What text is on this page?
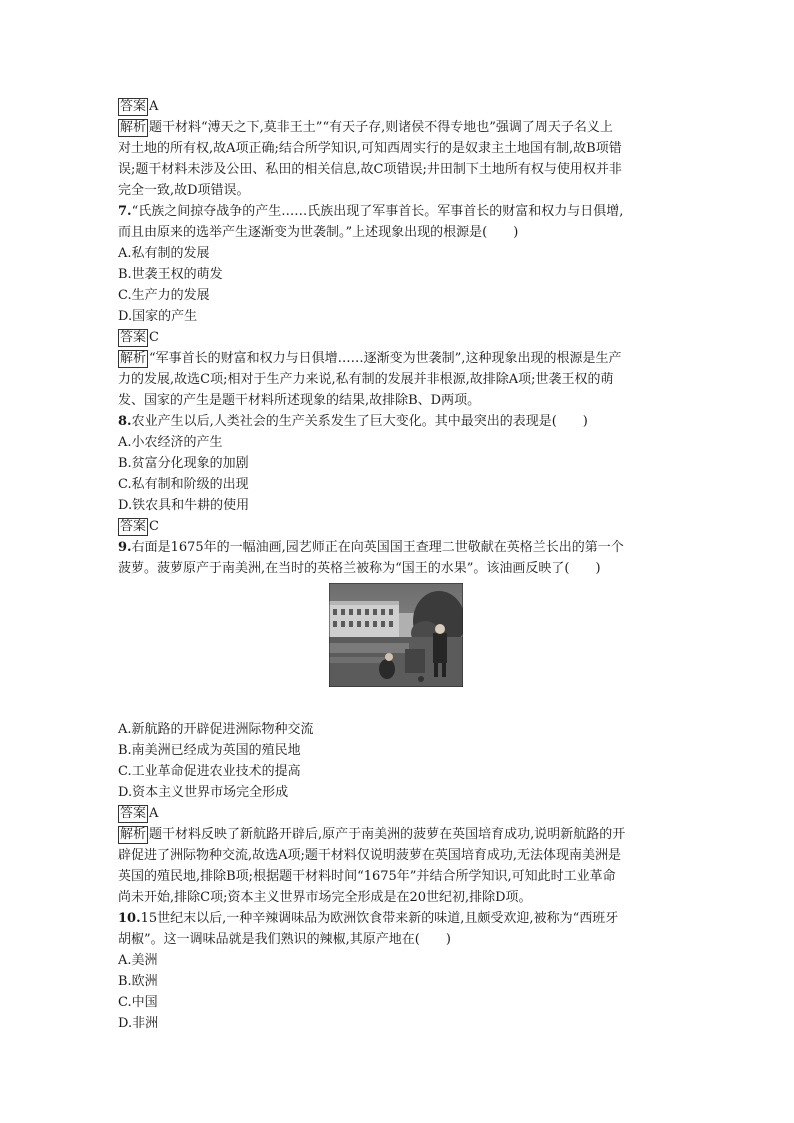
答案 A
解析 题干材料“溥天之下,莫非王土”“有天子存,则诸侯不得专地也”强调了周天子名义上
对土地的所有权,故A项正确;结合所学知识,可知西周实行的是奴隶主土地国有制,故B项错
误;题干材料未涉及公田、私田的相关信息,故C项错误;井田制下土地所有权与使用权并非
完全一致,故D项错误。
7.“氏族之间掠夺战争的产生……氏族出现了军事首长。军事首长的财富和权力与日俱增,
而且由原来的选举产生逐渐变为世袭制。”上述现象出现的根源是(　　)
A.私有制的发展
B.世袭王权的萌发
C.生产力的发展
D.国家的产生
答案 C
解析 “军事首长的财富和权力与日俱增……逐渐变为世袭制”,这种现象出现的根源是生产
力的发展,故选C项;相对于生产力来说,私有制的发展并非根源,故排除A项;世袭王权的萌
发、国家的产生是题干材料所述现象的结果,故排除B、D两项。
8.农业产生以后,人类社会的生产关系发生了巨大变化。其中最突出的表现是(　　)
A.小农经济的产生
B.贫富分化现象的加剧
C.私有制和阶级的出现
D.铁农具和牛耕的使用
答案 C
9.右面是1675年的一幅油画,园艺师正在向英国国王查理二世敬献在英格兰长出的第一个
菠萝。菠萝原产于南美洲,在当时的英格兰被称为“国王的水果”。该油画反映了(　　)
A.新航路的开辟促进洲际物种交流
B.南美洲已经成为英国的殖民地
C.工业革命促进农业技术的提高
D.资本主义世界市场完全形成
答案 A
解析 题干材料反映了新航路开辟后,原产于南美洲的菠萝在英国培育成功,说明新航路的开
辟促进了洲际物种交流,故选A项;题干材料仅说明菠萝在英国培育成功,无法体现南美洲是
英国的殖民地,排除B项;根据题干材料时间“1675年”并结合所学知识,可知此时工业革命
尚未开始,排除C项;资本主义世界市场完全形成是在20世纪初,排除D项。
10.15世纪末以后,一种辛辣调味品为欧洲饮食带来新的味道,且颇受欢迎,被称为“西班牙
胡椒”。这一调味品就是我们熟识的辣椒,其原产地在(　　)
A.美洲
B.欧洲
C.中国
D.非洲
